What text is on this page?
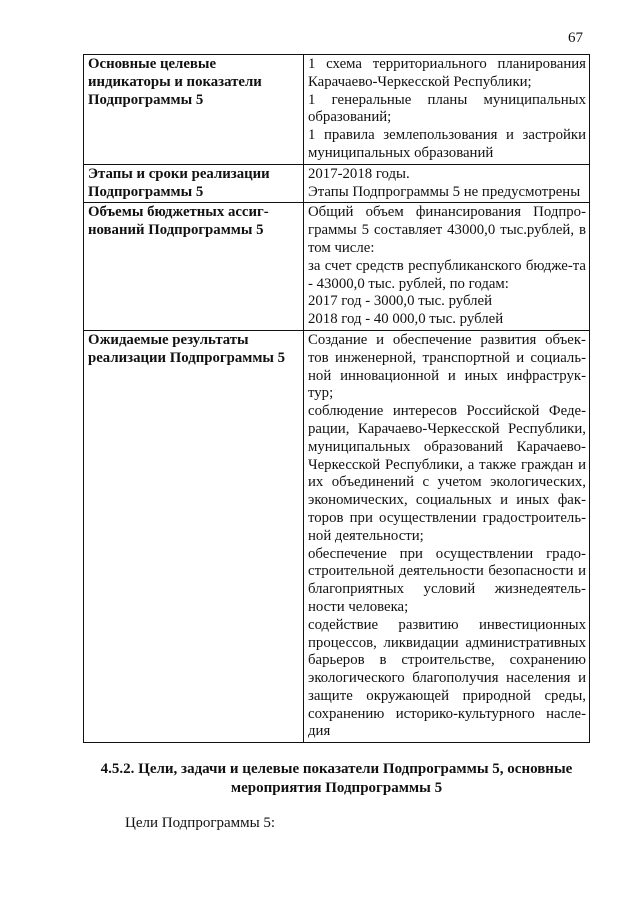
67
Основные целевые индикаторы и показатели Подпрограммы 5	1 схема территориального планирования Карачаево-Черкесской Республики;
1 генеральные планы муниципальных образований;
1 правила землепользования и застройки муниципальных образований

Этапы и сроки реализации Подпрограммы 5	2017-2018 годы.
Этапы Подпрограммы 5 не предусмотрены

Объемы бюджетных ассиг-нований Подпрограммы 5	Общий объем финансирования Подпро-граммы 5 составляет 43000,0 тыс.рублей, в том числе:
за счет средств республиканского бюдже-та - 43000,0 тыс. рублей, по годам:
2017 год - 3000,0 тыс. рублей
2018 год - 40 000,0 тыс. рублей

Ожидаемые результаты реализации Подпрограммы 5	Создание и обеспечение развития объек-тов инженерной, транспортной и социаль-ной инновационной и иных инфраструк-тур;
соблюдение интересов Российской Феде-рации, Карачаево-Черкесской Республики, муниципальных образований Карачаево-Черкесской Республики, а также граждан и их объединений с учетом экологических, экономических, социальных и иных фак-торов при осуществлении градостроитель-ной деятельности;
обеспечение при осуществлении градо-строительной деятельности безопасности и благоприятных условий жизнедеятель-ности человека;
содействие развитию инвестиционных процессов, ликвидации административных барьеров в строительстве, сохранению экологического благополучия населения и защите окружающей природной среды, сохранению историко-культурного насле-дия
4.5.2. Цели, задачи и целевые показатели Подпрограммы 5, основные мероприятия Подпрограммы 5
Цели Подпрограммы 5:
